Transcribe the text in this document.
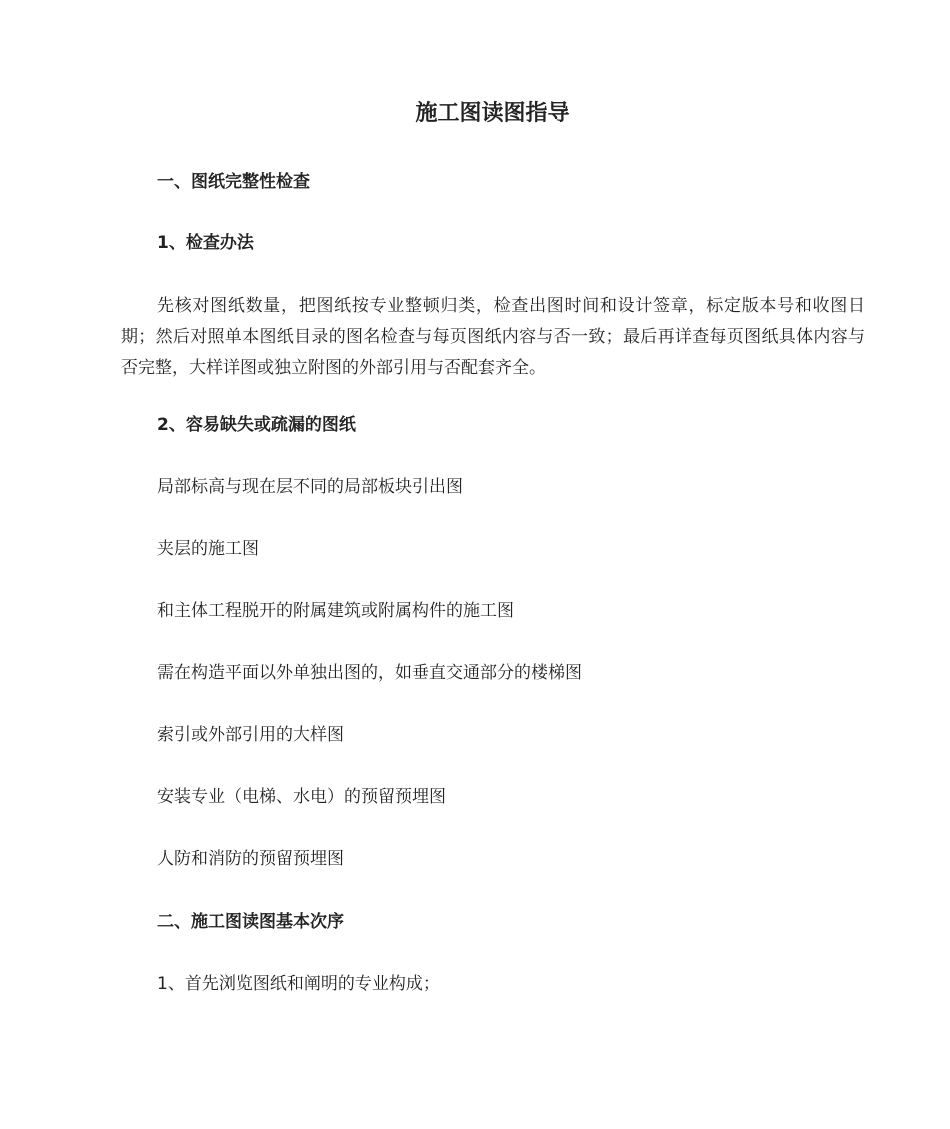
施工图读图指导

一、图纸完整性检查

1、检查办法

先核对图纸数量，把图纸按专业整顿归类，检查出图时间和设计签章，标定版本号和收图日期；然后对照单本图纸目录的图名检查与每页图纸内容与否一致；最后再详查每页图纸具体内容与否完整，大样详图或独立附图的外部引用与否配套齐全。

2、容易缺失或疏漏的图纸

局部标高与现在层不同的局部板块引出图

夹层的施工图

和主体工程脱开的附属建筑或附属构件的施工图

需在构造平面以外单独出图的，如垂直交通部分的楼梯图

索引或外部引用的大样图

安装专业（电梯、水电）的预留预埋图

人防和消防的预留预埋图

二、施工图读图基本次序

1、首先浏览图纸和阐明的专业构成；
